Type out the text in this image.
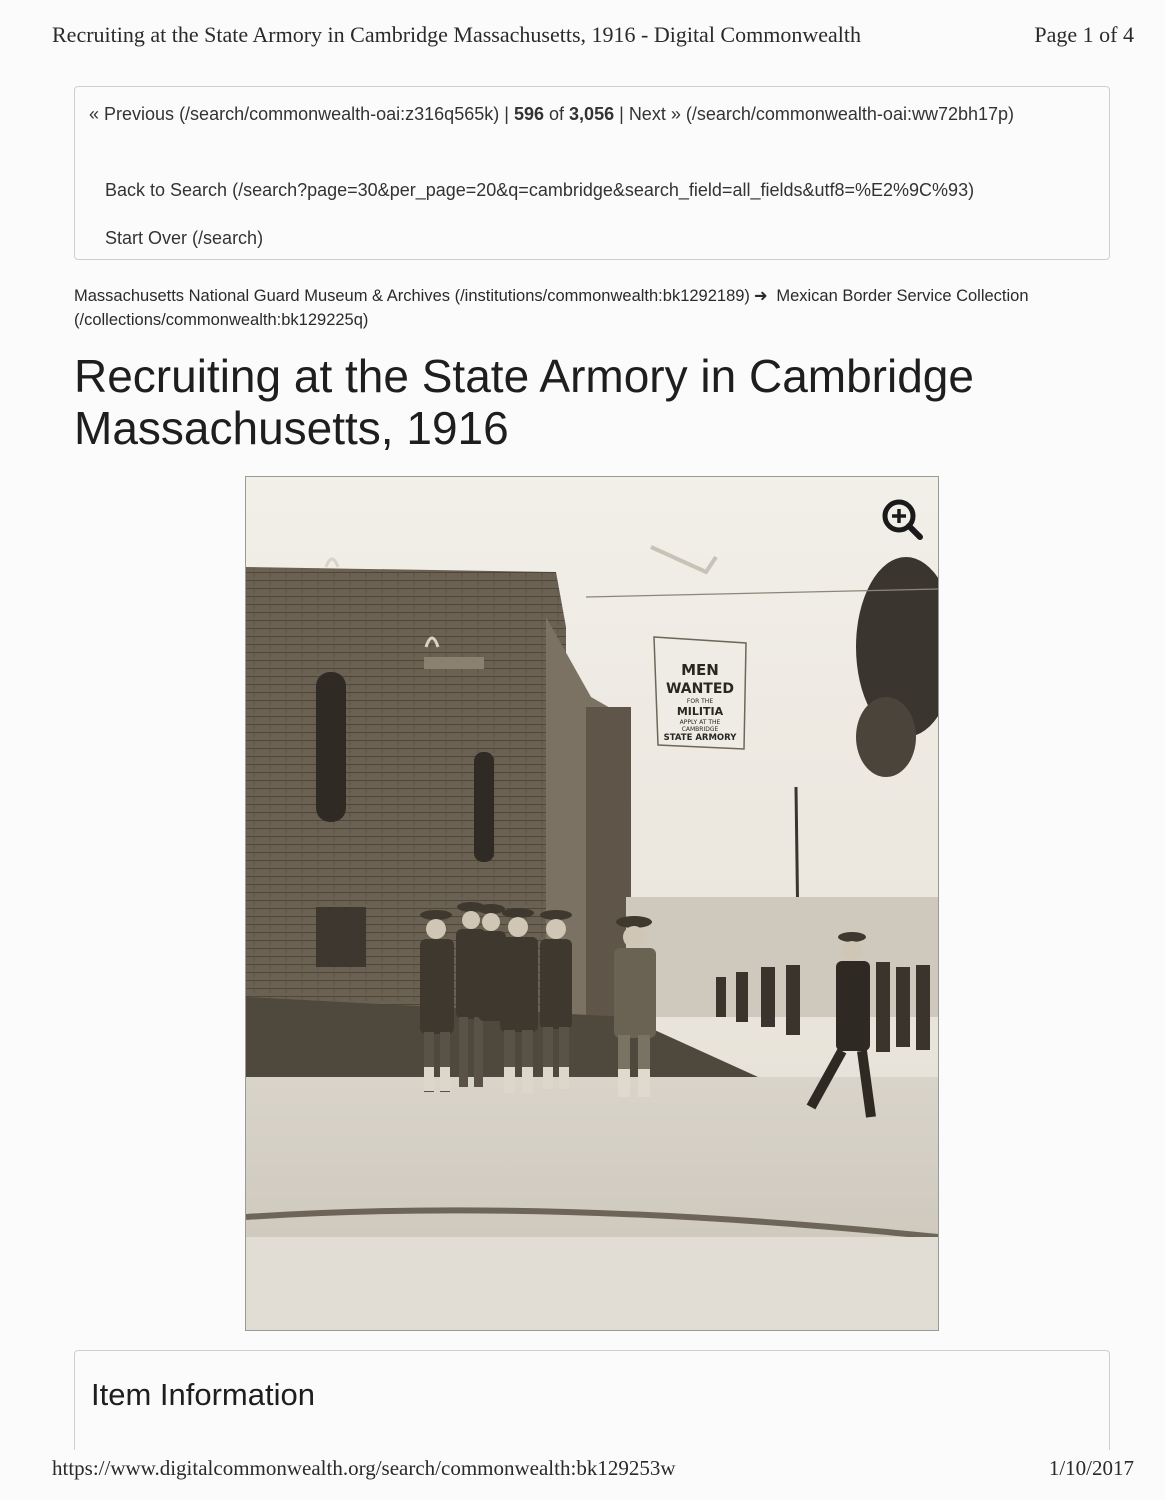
Recruiting at the State Armory in Cambridge Massachusetts, 1916 - Digital Commonwealth	Page 1 of 4
« Previous (/search/commonwealth-oai:z316q565k) | 596 of 3,056 | Next » (/search/commonwealth-oai:ww72bh17p)
Back to Search (/search?page=30&per_page=20&q=cambridge&search_field=all_fields&utf8=%E2%9C%93)
Start Over (/search)
Massachusetts National Guard Museum & Archives (/institutions/commonwealth:bk1292189) ➜ Mexican Border Service Collection (/collections/commonwealth:bk129225q)
Recruiting at the State Armory in Cambridge Massachusetts, 1916
MEN
WANTED
FOR THE
MILITIA
APPLY AT THE
CAMBRIDGE
STATE ARMORY
Item Information
https://www.digitalcommonwealth.org/search/commonwealth:bk129253w	1/10/2017
